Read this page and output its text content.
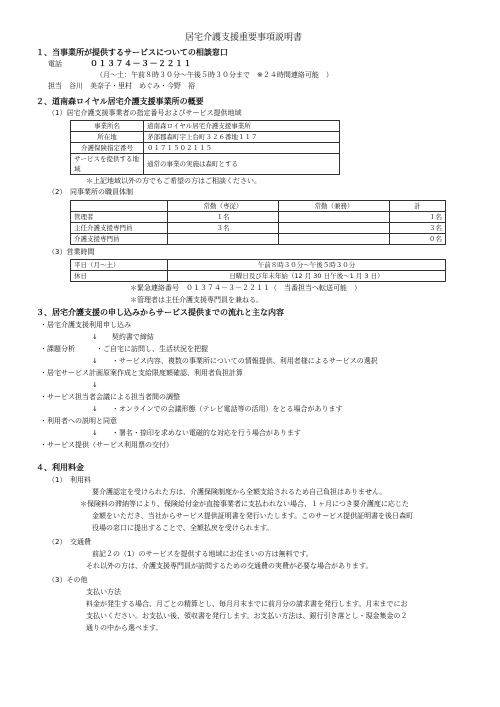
居宅介護支援重要事項説明書
１、当事業所が提供するサービスについての相談窓口
電話	０１３７４－３－２２１１
（月～土：午前８時３０分～午後５時３０分まで　※２４時間連絡可能　）
担当　谷川　美奈子・里村　めぐみ・今野　裕
２、道南森ロイヤル居宅介護支援事業所の概要
（1）居宅介護支援事業者の指定番号およびサービス提供地域
事業所名	道南森ロイヤル居宅介護支援事業所
所在地	茅部郡森町字上台町３２６番地１１７
介護保険指定番号	０１７１５０２１１５
サービスを提供する地域	通常の事業の実施は森町とする
＊上記地域以外の方でもご希望の方はご相談ください。
（2）　同事業所の職員体制
	常勤（専従）	常勤（兼務）	計
管理者	１名		１名
主任介護支援専門員	３名		３名
介護支援専門員			０名
（3）営業時間
平日（月～土）	午前８時３０分～午後５時３０分
休日	日曜日及び年末年始（12 月 30 日午後～1 月 3 日）
＊緊急連絡番号　０１３７４－３－２２１１（　当番担当へ転送可能　）
＊管理者は主任介護支援専門員を兼ねる。
３、居宅介護支援の申し込みからサービス提供までの流れと主な内容
・居宅介護支援利用申し込み
↓　　契約書で締結
・課題分析　　　・ご自宅に訪問し、生活状況を把握
↓　　・サービス内容、複数の事業所についての情報提供、利用者様によるサービスの選択
・居宅サービス計画原案作成と支給限度額確認、利用者負担計算
↓
・サービス担当者会議による担当者間の調整
↓　　・オンラインでの会議形態（テレビ電話等の活用）をとる場合があります
・利用者への説明と同意
↓　　・署名・捺印を求めない電磁的な対応を行う場合があります
・サービス提供（サービス利用票の交付）
４、利用料金
（1）　利用料
要介護認定を受けられた方は、介護保険制度から全額支給されるため自己負担はありません。
＊保険料の滞納等により、保険給付金が直接事業者に支払われない場合、１ヶ月につき要介護度に応じた
金額をいただき、当社からサービス提供証明書を発行いたします。このサービス提供証明書を後日森町
役場の窓口に提出することで、全額払戻を受けられます。
（2）　交通費
前記２の（1）のサービスを提供する地域にお住まいの方は無料です。
それ以外の方は、介護支援専門員が訪問するための交通費の実費が必要な場合があります。
（3）その他
支払い方法
料金が発生する場合、月ごとの精算とし、毎月月末までに前月分の請求書を発行します。月末までにお
支払いください。お支払い後、領収書を発行します。お支払い方法は、銀行引き落とし・現金集金の２
通りの中から選べます。
